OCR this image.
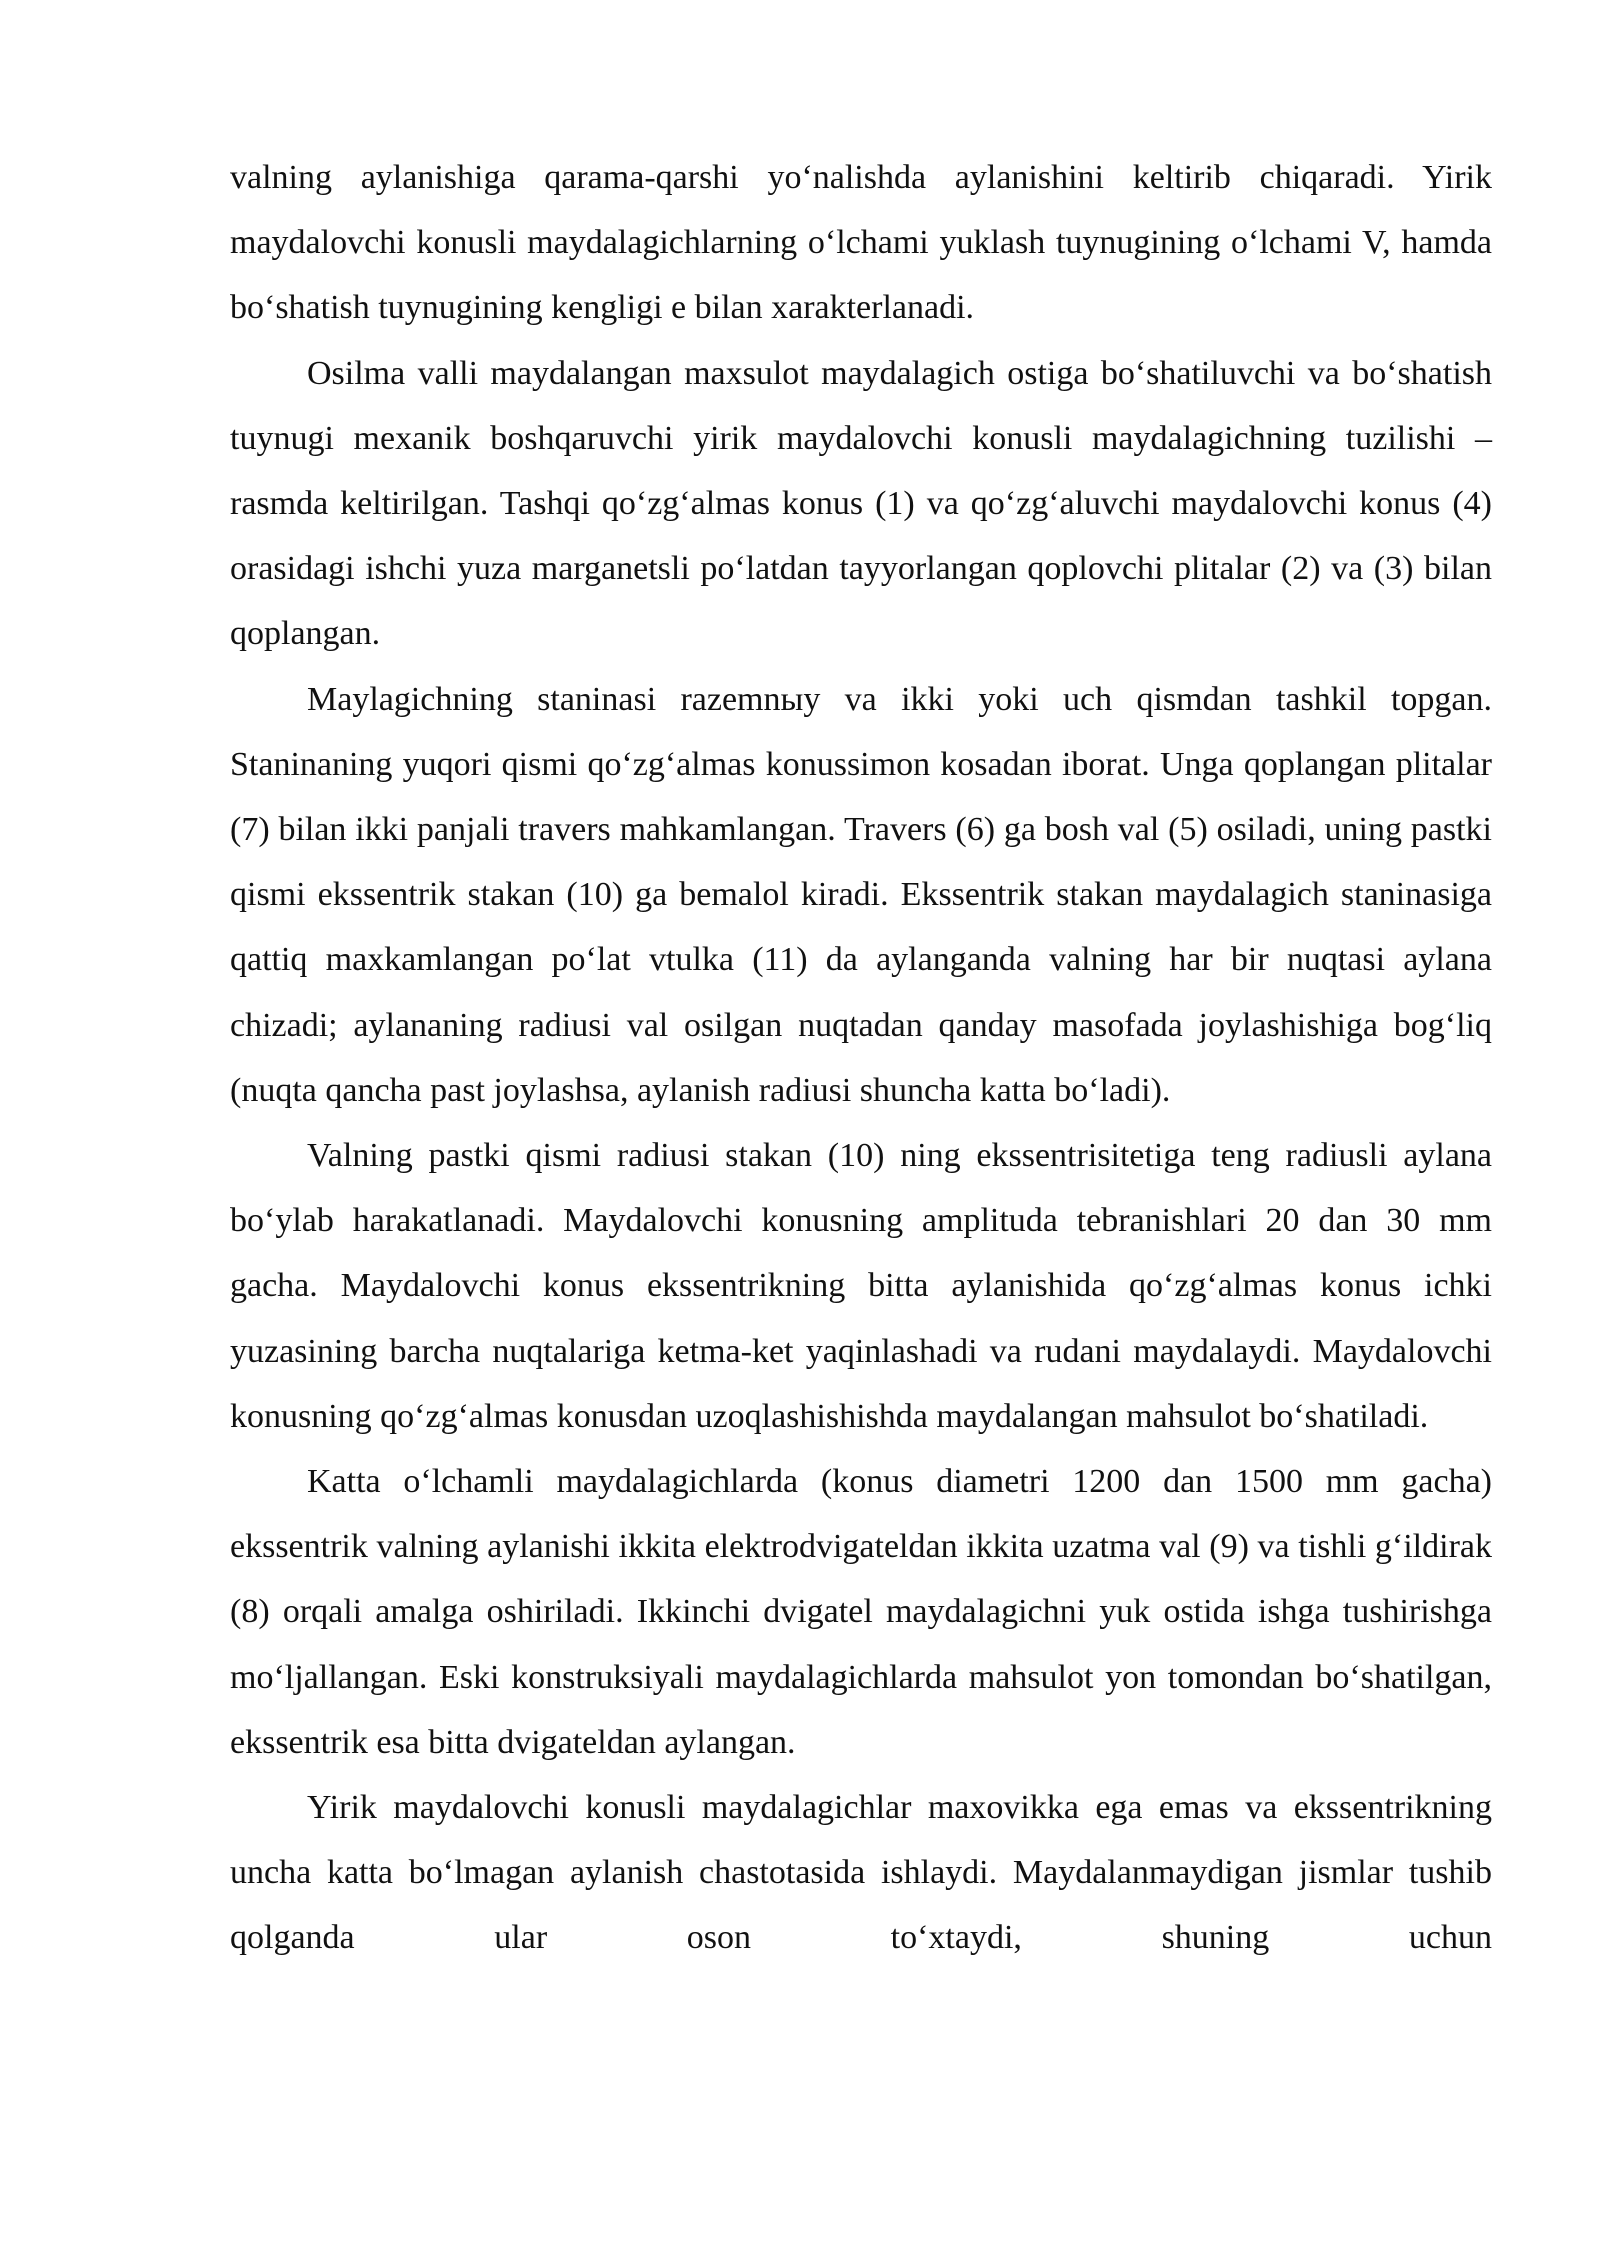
valning aylanishiga qarama-qarshi yo‘nalishda aylanishini keltirib chiqaradi. Yirik maydalovchi konusli maydalagichlarning o‘lchami yuklash tuynugining o‘lchami V, hamda bo‘shatish tuynugining kengligi e bilan xarakterlanadi.

Osilma valli maydalangan maxsulot maydalagich ostiga bo‘shatiluvchi va bo‘shatish tuynugi mexanik boshqaruvchi yirik maydalovchi konusli maydalagichning tuzilishi – rasmda keltirilgan. Tashqi qo‘zg‘almas konus (1) va qo‘zg‘aluvchi maydalovchi konus (4) orasidagi ishchi yuza marganetsli po‘latdan tayyorlangan qoplovchi plitalar (2) va (3) bilan qoplangan.

Maylagichning staninasi razemnыy va ikki yoki uch qismdan tashkil topgan. Staninaning yuqori qismi qo‘zg‘almas konussimon kosadan iborat. Unga qoplangan plitalar (7) bilan ikki panjali travers mahkamlangan. Travers (6) ga bosh val (5) osiladi, uning pastki qismi ekssentrik stakan (10) ga bemalol kiradi. Ekssentrik stakan maydalagich staninasiga qattiq maxkamlangan po‘lat vtulka (11) da aylanganda valning har bir nuqtasi aylana chizadi; aylananing radiusi val osilgan nuqtadan qanday masofada joylashishiga bog‘liq (nuqta qancha past joylashsa, aylanish radiusi shuncha katta bo‘ladi).

Valning pastki qismi radiusi stakan (10) ning ekssentrisitetiga teng radiusli aylana bo‘ylab harakatlanadi. Maydalovchi konusning amplituda tebranishlari 20 dan 30 mm gacha. Maydalovchi konus ekssentrikning bitta aylanishida qo‘zg‘almas konus ichki yuzasining barcha nuqtalariga ketma-ket yaqinlashadi va rudani maydalaydi. Maydalovchi konusning qo‘zg‘almas konusdan uzoqlashishishda maydalangan mahsulot bo‘shatiladi.

Katta o‘lchamli maydalagichlarda (konus diametri 1200 dan 1500 mm gacha) ekssentrik valning aylanishi ikkita elektrodvigateldan ikkita uzatma val (9) va tishli g‘ildirak (8) orqali amalga oshiriladi. Ikkinchi dvigatel maydalagichni yuk ostida ishga tushirishga mo‘ljallangan. Eski konstruksiyali maydalagichlarda mahsulot yon tomondan bo‘shatilgan, ekssentrik esa bitta dvigateldan aylangan.

Yirik maydalovchi konusli maydalagichlar maxovikka ega emas va ekssentrikning uncha katta bo‘lmagan aylanish chastotasida ishlaydi. Maydalanmaydigan jismlar tushib qolganda ular oson to‘xtaydi, shuning uchun
